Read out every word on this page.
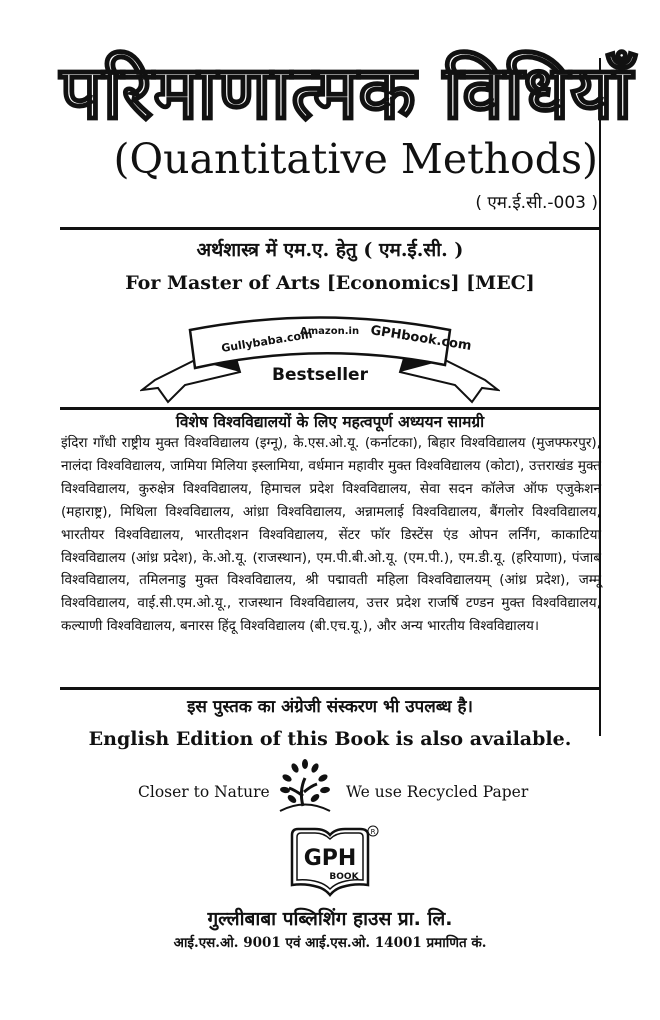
परिमाणात्मक विधियाँ
(Quantitative Methods)
( एम.ई.सी.-003 )
अर्थशास्त्र में एम.ए. हेतु ( एम.ई.सी. )
For Master of Arts [Economics] [MEC]
Gullybaba.com
Amazon.in GPHbook.com
Bestseller
विशेष विश्वविद्यालयों के लिए महत्वपूर्ण अध्ययन सामग्री
इंदिरा गाँधी राष्ट्रीय मुक्त विश्वविद्यालय (इग्नू), के.एस.ओ.यू. (कर्नाटका), बिहार विश्वविद्यालय (मुजफ्फरपुर), नालंदा विश्वविद्यालय, जामिया मिलिया इस्लामिया, वर्धमान महावीर मुक्त विश्वविद्यालय (कोटा), उत्तराखंड मुक्त विश्वविद्यालय, कुरुक्षेत्र विश्वविद्यालय, हिमाचल प्रदेश विश्वविद्यालय, सेवा सदन कॉलेज ऑफ एजुकेशन (महाराष्ट्र), मिथिला विश्वविद्यालय, आंध्रा विश्वविद्यालय, अन्नामलाई विश्वविद्यालय, बैंगलोर विश्वविद्यालय, भारतीयर विश्वविद्यालय, भारतीदशन विश्वविद्यालय, सेंटर फॉर डिस्टेंस एंड ओपन लर्निंग, काकाटिया विश्वविद्यालय (आंध्र प्रदेश), के.ओ.यू. (राजस्थान), एम.पी.बी.ओ.यू. (एम.पी.), एम.डी.यू. (हरियाणा), पंजाब विश्वविद्यालय, तमिलनाडु मुक्त विश्वविद्यालय, श्री पद्मावती महिला विश्वविद्यालयम् (आंध्र प्रदेश), जम्मू विश्वविद्यालय, वाई.सी.एम.ओ.यू., राजस्थान विश्वविद्यालय, उत्तर प्रदेश राजर्षि टण्डन मुक्त विश्वविद्यालय, कल्याणी विश्वविद्यालय, बनारस हिंदू विश्वविद्यालय (बी.एच.यू.), और अन्य भारतीय विश्वविद्यालय।
इस पुस्तक का अंग्रेजी संस्करण भी उपलब्ध है।
English Edition of this Book is also available.
Closer to Nature	We use Recycled Paper
GPH
BOOK
R
गुल्लीबाबा पब्लिशिंग हाउस प्रा. लि.
आई.एस.ओ. 9001 एवं आई.एस.ओ. 14001 प्रमाणित कं.
